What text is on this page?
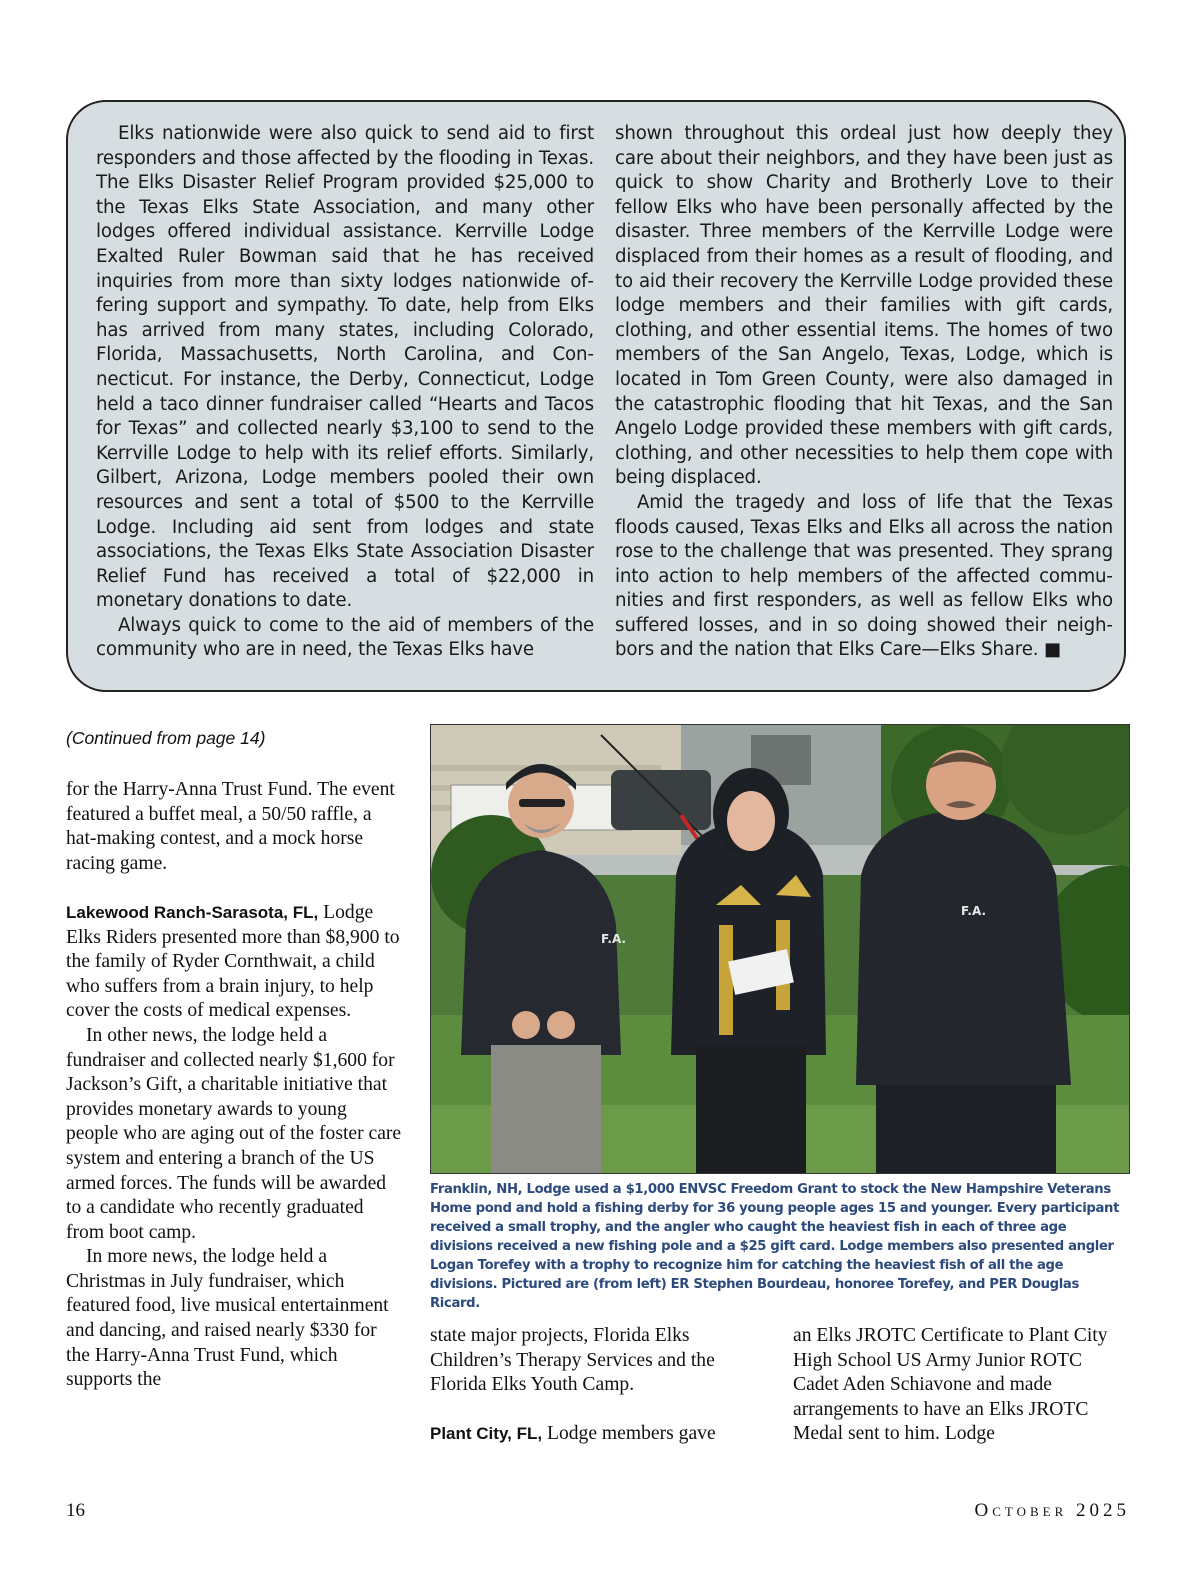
Elks nationwide were also quick to send aid to first responders and those affected by the flooding in Texas. The Elks Disaster Relief Program provided $25,000 to the Texas Elks State Association, and many other lodges offered individual assistance. Kerrville Lodge Exalted Ruler Bowman said that he has received inquiries from more than sixty lodges nationwide offering support and sympathy. To date, help from Elks has arrived from many states, including Colorado, Florida, Massachusetts, North Carolina, and Connecticut. For instance, the Derby, Connecticut, Lodge held a taco dinner fundraiser called “Hearts and Tacos for Texas” and collected nearly $3,100 to send to the Kerrville Lodge to help with its relief efforts. Similarly, Gilbert, Arizona, Lodge members pooled their own resources and sent a total of $500 to the Kerrville Lodge. Including aid sent from lodges and state associations, the Texas Elks State Association Disaster Relief Fund has received a total of $22,000 in monetary donations to date.

Always quick to come to the aid of members of the community who are in need, the Texas Elks have

shown throughout this ordeal just how deeply they care about their neighbors, and they have been just as quick to show Charity and Brotherly Love to their fellow Elks who have been personally affected by the disaster. Three members of the Kerrville Lodge were displaced from their homes as a result of flooding, and to aid their recovery the Kerrville Lodge provided these lodge members and their families with gift cards, clothing, and other essential items. The homes of two members of the San Angelo, Texas, Lodge, which is located in Tom Green County, were also damaged in the catastrophic flooding that hit Texas, and the San Angelo Lodge provided these members with gift cards, clothing, and other necessities to help them cope with being displaced.

Amid the tragedy and loss of life that the Texas floods caused, Texas Elks and Elks all across the nation rose to the challenge that was presented. They sprang into action to help members of the affected communities and first responders, as well as fellow Elks who suffered losses, and in so doing showed their neighbors and the nation that Elks Care—Elks Share. ■

(Continued from page 14)

for the Harry-Anna Trust Fund. The event featured a buffet meal, a 50/50 raffle, a hat-making contest, and a mock horse racing game.

Lakewood Ranch-Sarasota, FL, Lodge Elks Riders presented more than $8,900 to the family of Ryder Cornthwait, a child who suffers from a brain injury, to help cover the costs of medical expenses.

In other news, the lodge held a fundraiser and collected nearly $1,600 for Jackson’s Gift, a charitable initiative that provides monetary awards to young people who are aging out of the foster care system and entering a branch of the US armed forces. The funds will be awarded to a candidate who recently graduated from boot camp.

In more news, the lodge held a Christmas in July fundraiser, which featured food, live musical entertainment and dancing, and raised nearly $330 for the Harry-Anna Trust Fund, which supports the

F.A.
F.A.
Franklin, NH, Lodge used a $1,000 ENVSC Freedom Grant to stock the New Hampshire Veterans Home pond and hold a fishing derby for 36 young people ages 15 and younger. Every participant received a small trophy, and the angler who caught the heaviest fish in each of three age divisions received a new fishing pole and a $25 gift card. Lodge members also presented angler Logan Torefey with a trophy to recognize him for catching the heaviest fish of all the age divisions. Pictured are (from left) ER Stephen Bourdeau, honoree Torefey, and PER Douglas Ricard.

state major projects, Florida Elks Children’s Therapy Services and the Florida Elks Youth Camp.

Plant City, FL, Lodge members gave

an Elks JROTC Certificate to Plant City High School US Army Junior ROTC Cadet Aden Schiavone and made arrangements to have an Elks JROTC Medal sent to him. Lodge

16	October 2025
